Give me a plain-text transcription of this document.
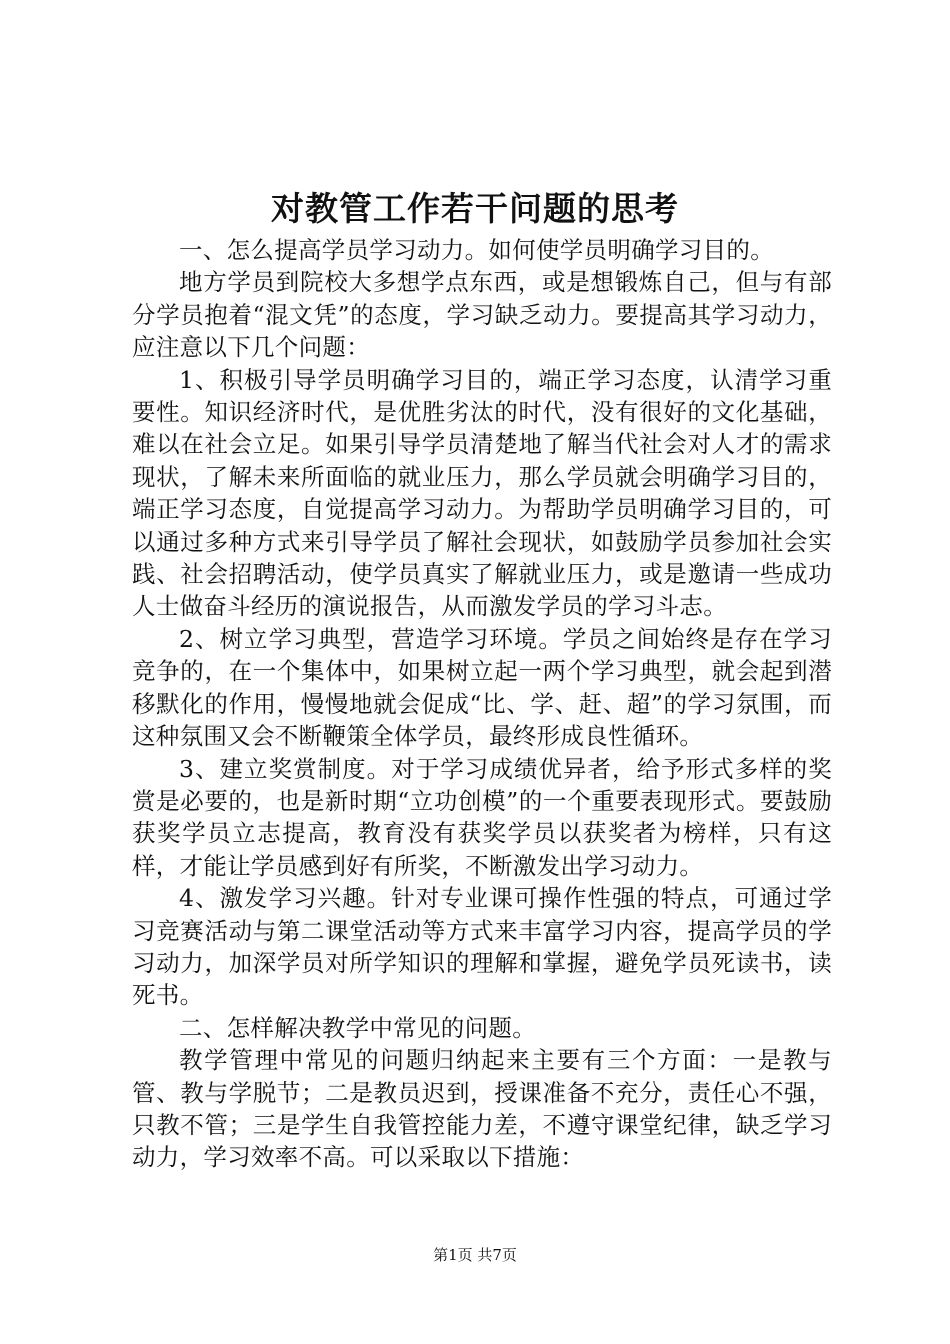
对教管工作若干问题的思考

一、怎么提高学员学习动力。如何使学员明确学习目的。

地方学员到院校大多想学点东西，或是想锻炼自己，但与有部分学员抱着“混文凭”的态度，学习缺乏动力。要提高其学习动力，应注意以下几个问题：

1、积极引导学员明确学习目的，端正学习态度，认清学习重要性。知识经济时代，是优胜劣汰的时代，没有很好的文化基础，难以在社会立足。如果引导学员清楚地了解当代社会对人才的需求现状，了解未来所面临的就业压力，那么学员就会明确学习目的，端正学习态度，自觉提高学习动力。为帮助学员明确学习目的，可以通过多种方式来引导学员了解社会现状，如鼓励学员参加社会实践、社会招聘活动，使学员真实了解就业压力，或是邀请一些成功人士做奋斗经历的演说报告，从而激发学员的学习斗志。

2、树立学习典型，营造学习环境。学员之间始终是存在学习竞争的，在一个集体中，如果树立起一两个学习典型，就会起到潜移默化的作用，慢慢地就会促成“比、学、赶、超”的学习氛围，而这种氛围又会不断鞭策全体学员，最终形成良性循环。

3、建立奖赏制度。对于学习成绩优异者，给予形式多样的奖赏是必要的，也是新时期“立功创模”的一个重要表现形式。要鼓励获奖学员立志提高，教育没有获奖学员以获奖者为榜样，只有这样，才能让学员感到好有所奖，不断激发出学习动力。

4、激发学习兴趣。针对专业课可操作性强的特点，可通过学习竞赛活动与第二课堂活动等方式来丰富学习内容，提高学员的学习动力，加深学员对所学知识的理解和掌握，避免学员死读书，读死书。

二、怎样解决教学中常见的问题。

教学管理中常见的问题归纳起来主要有三个方面：一是教与管、教与学脱节；二是教员迟到，授课准备不充分，责任心不强，只教不管；三是学生自我管控能力差，不遵守课堂纪律，缺乏学习动力，学习效率不高。可以采取以下措施：

第1页 共7页
